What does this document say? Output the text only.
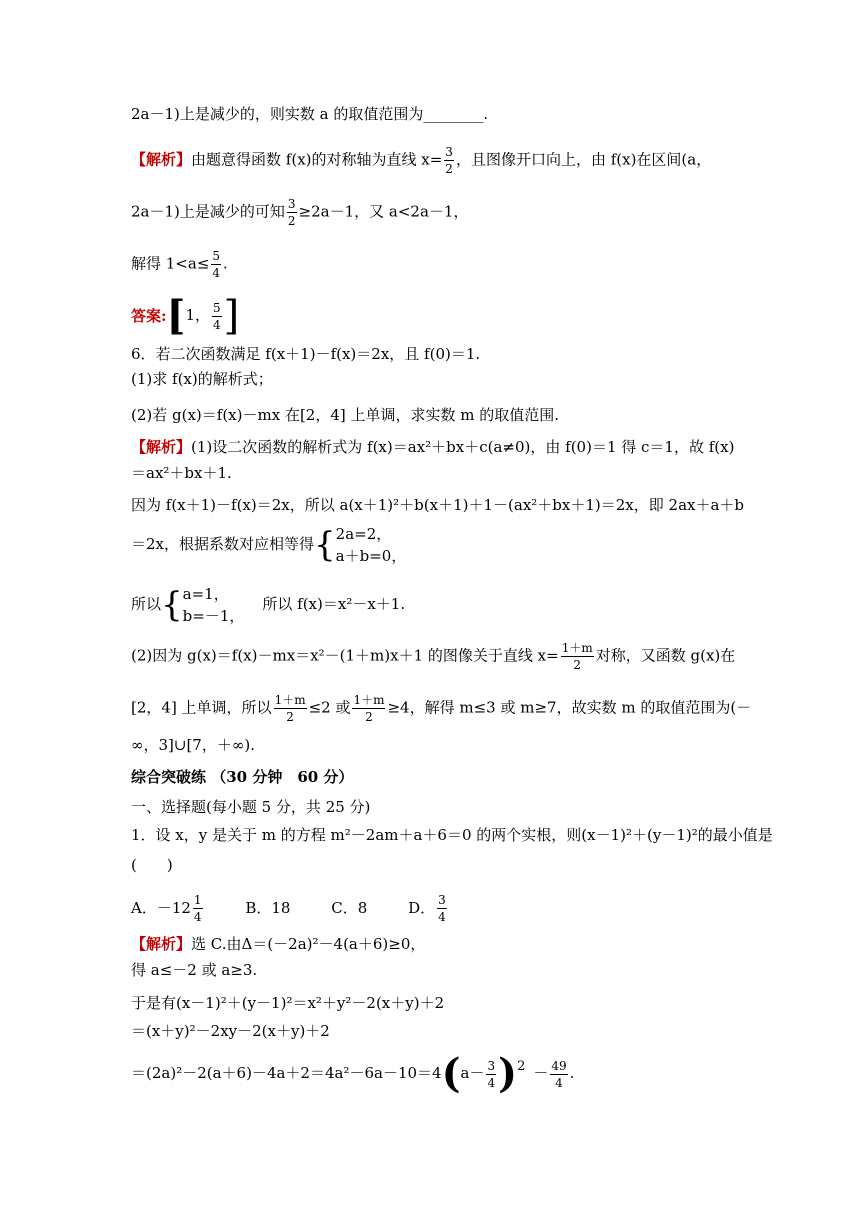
2a－1)上是减少的，则实数 a 的取值范围为________.
【解析】由题意得函数 f(x)的对称轴为直线 $x= \frac{3}{2}$ ，且图像开口向上，由 f(x)在区间(a，
2a－1)上是减少的可知 $\frac{3}{2} \ge 2a-1$，又 a<2a－1，
解得 $1<a\le \frac{5}{4}$ .
答案:[1， $\frac{5}{4}$ ]
6．若二次函数满足 f(x＋1)－f(x)＝2x，且 f(0)＝1.
(1)求 f(x)的解析式；
(2)若 g(x)＝f(x)－mx 在[2，4] 上单调，求实数 m 的取值范围.
【解析】(1)设二次函数的解析式为 f(x)＝ax²＋bx＋c(a≠0)，由 f(0)＝1 得 c＝1，故 f(x)
＝ax²＋bx＋1.
因为 f(x＋1)－f(x)＝2x，所以 a(x＋1)²＋b(x＋1)＋1－(ax²＋bx＋1)＝2x，即 2ax＋a＋b
＝2x，根据系数对应相等得{ 2a=2，
a＋b=0，
所以{ a=1，
b=－1，
所以 f(x)＝x²－x＋1.
(2)因为 g(x)＝f(x)－mx＝x²－(1＋m)x＋1 的图像关于直线 $x= \frac{1+m}{2}$ 对称，又函数 g(x)在
[2，4] 上单调，所以 $\frac{1+m}{2} \le 2$ 或 $\frac{1+m}{2} \ge 4$，解得 m≤3 或 m≥7，故实数 m 的取值范围为(－
∞，3]∪[7，＋∞).
综合突破练 （30 分钟　60 分）
一、选择题(每小题 5 分，共 25 分)
1．设 x，y 是关于 m 的方程 m²－2am＋a＋6＝0 的两个实根，则(x－1)²＋(y－1)²的最小值是
(　　)
A．$-12 \frac{1}{4}$	B．18	C．8	D． $\frac{3}{4}$
【解析】选 C.由Δ＝(－2a)²－4(a＋6)≥0，
得 a≤－2 或 a≥3.
于是有(x－1)²＋(y－1)²＝x²＋y²－2(x＋y)＋2
＝(x＋y)²－2xy－2(x＋y)＋2
$=(2a)^2-2(a+6)-4a+2=4a^2-6a-10=4(a- \frac{3}{4} )^2 - \frac{49}{4}$ .
